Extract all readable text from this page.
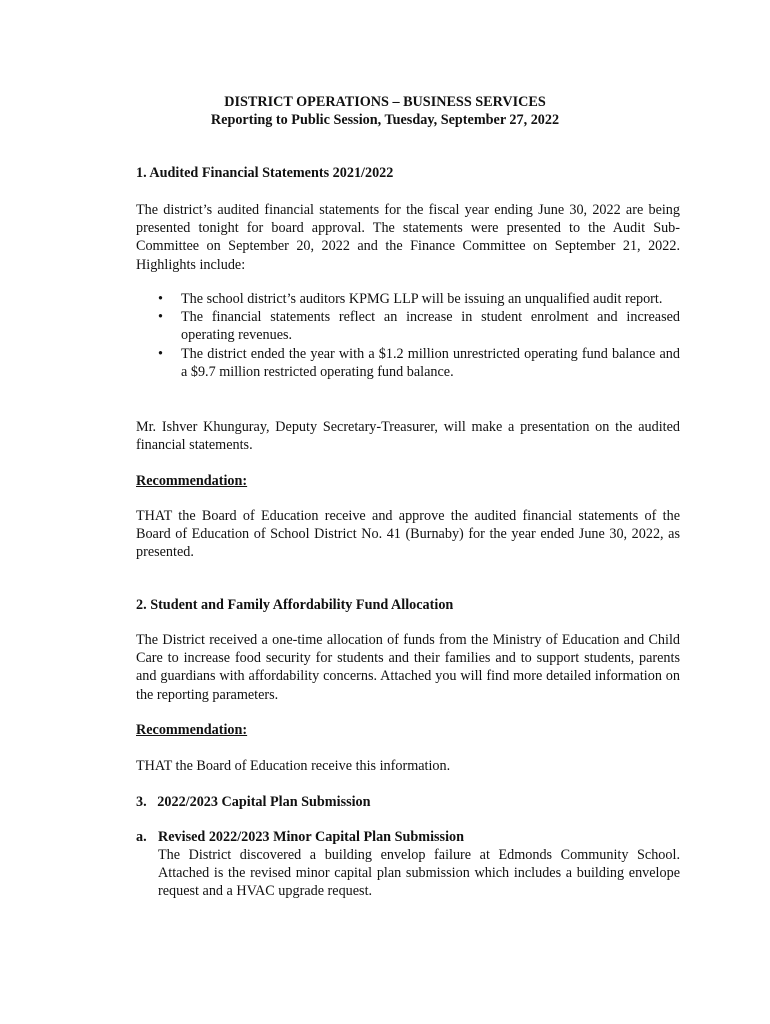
DISTRICT OPERATIONS – BUSINESS SERVICES
Reporting to Public Session, Tuesday, September 27, 2022
1. Audited Financial Statements 2021/2022
The district’s audited financial statements for the fiscal year ending June 30, 2022 are being presented tonight for board approval. The statements were presented to the Audit Sub-Committee on September 20, 2022 and the Finance Committee on September 21, 2022. Highlights include:
• The school district’s auditors KPMG LLP will be issuing an unqualified audit report.
• The financial statements reflect an increase in student enrolment and increased operating revenues.
• The district ended the year with a $1.2 million unrestricted operating fund balance and a $9.7 million restricted operating fund balance.
Mr. Ishver Khunguray, Deputy Secretary-Treasurer, will make a presentation on the audited financial statements.
Recommendation:
THAT the Board of Education receive and approve the audited financial statements of the Board of Education of School District No. 41 (Burnaby) for the year ended June 30, 2022, as presented.
2. Student and Family Affordability Fund Allocation
The District received a one-time allocation of funds from the Ministry of Education and Child Care to increase food security for students and their families and to support students, parents and guardians with affordability concerns. Attached you will find more detailed information on the reporting parameters.
Recommendation:
THAT the Board of Education receive this information.
3.   2022/2023 Capital Plan Submission
a. Revised 2022/2023 Minor Capital Plan Submission
The District discovered a building envelop failure at Edmonds Community School. Attached is the revised minor capital plan submission which includes a building envelope request and a HVAC upgrade request.
